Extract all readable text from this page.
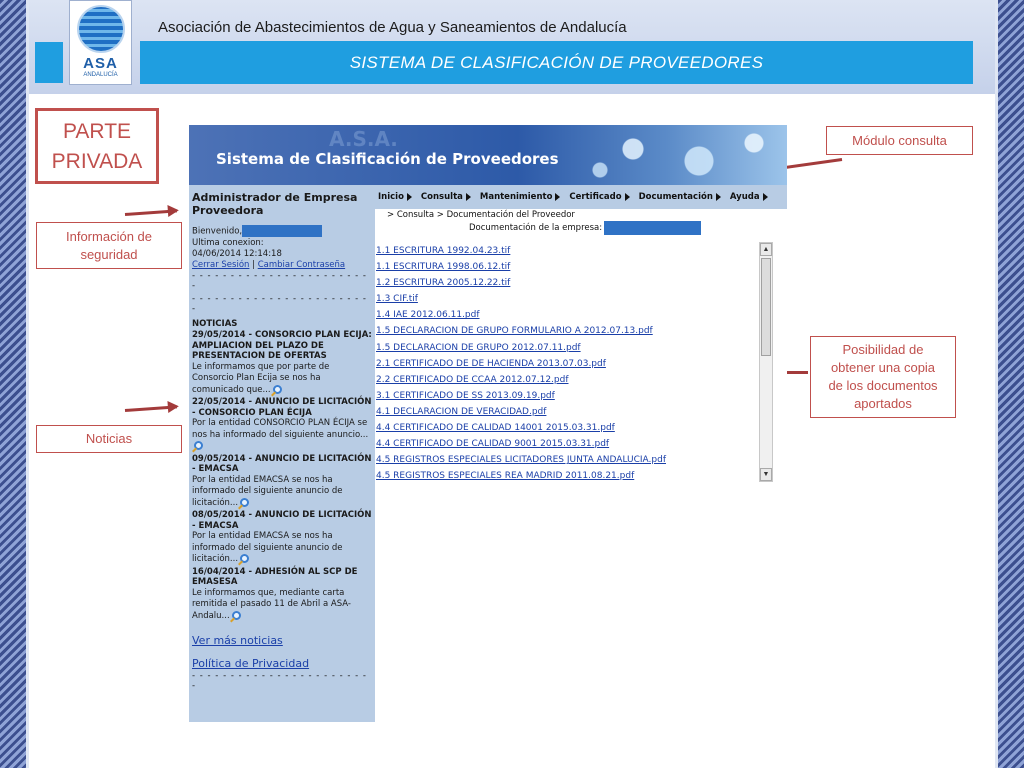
SISTEMA DE CLASIFICACIÓN DE PROVEEDORES
Asociación de Abastecimientos de Agua y Saneamientos de Andalucía
ASA
ANDALUCÍA
PARTE
PRIVADA
Módulo consulta
Información de seguridad
Noticias
Posibilidad de obtener una copia de los documentos aportados
A.S.A.
Sistema de Clasificación de Proveedores
Administrador de Empresa Proveedora
Bienvenido,
Ultima conexion:
04/06/2014 12:14:18
Cerrar Sesión | Cambiar Contraseña
- - - - - - - - - - - - - - - - - - - - - - -
-
- - - - - - - - - - - - - - - - - - - - - - -
-
NOTICIAS
29/05/2014 - CONSORCIO PLAN ECIJA: AMPLIACION DEL PLAZO DE PRESENTACION DE OFERTAS
Le informamos que por parte de Consorcio Plan Ecija se nos ha comunicado que...
22/05/2014 - ANUNCIO DE LICITACIÓN - CONSORCIO PLAN ÉCIJA
Por la entidad CONSORCIO PLAN ÉCIJA se nos ha informado del siguiente anuncio...
09/05/2014 - ANUNCIO DE LICITACIÓN - EMACSA
Por la entidad EMACSA se nos ha informado del siguiente anuncio de licitación...
08/05/2014 - ANUNCIO DE LICITACIÓN - EMACSA
Por la entidad EMACSA se nos ha informado del siguiente anuncio de licitación...
16/04/2014 - ADHESIÓN AL SCP DE EMASESA
Le informamos que, mediante carta remitida el pasado 11 de Abril a ASA-Andalu...
Ver más noticias
Política de Privacidad
- - - - - - - - - - - - - - - - - - - - - - -
-
Inicio Consulta Mantenimiento Certificado Documentación Ayuda
> Consulta > Documentación del Proveedor
Documentación de la empresa:
1.1 ESCRITURA 1992.04.23.tif
1.1 ESCRITURA 1998.06.12.tif
1.2 ESCRITURA 2005.12.22.tif
1.3 CIF.tif
1.4 IAE 2012.06.11.pdf
1.5 DECLARACION DE GRUPO FORMULARIO A 2012.07.13.pdf
1.5 DECLARACION DE GRUPO 2012.07.11.pdf
2.1 CERTIFICADO DE DE HACIENDA 2013.07.03.pdf
2.2 CERTIFICADO DE CCAA 2012.07.12.pdf
3.1 CERTIFICADO DE SS 2013.09.19.pdf
4.1 DECLARACION DE VERACIDAD.pdf
4.4 CERTIFICADO DE CALIDAD 14001 2015.03.31.pdf
4.4 CERTIFICADO DE CALIDAD 9001 2015.03.31.pdf
4.5 REGISTROS ESPECIALES LICITADORES JUNTA ANDALUCIA.pdf
4.5 REGISTROS ESPECIALES REA MADRID 2011.08.21.pdf
▲
▼
